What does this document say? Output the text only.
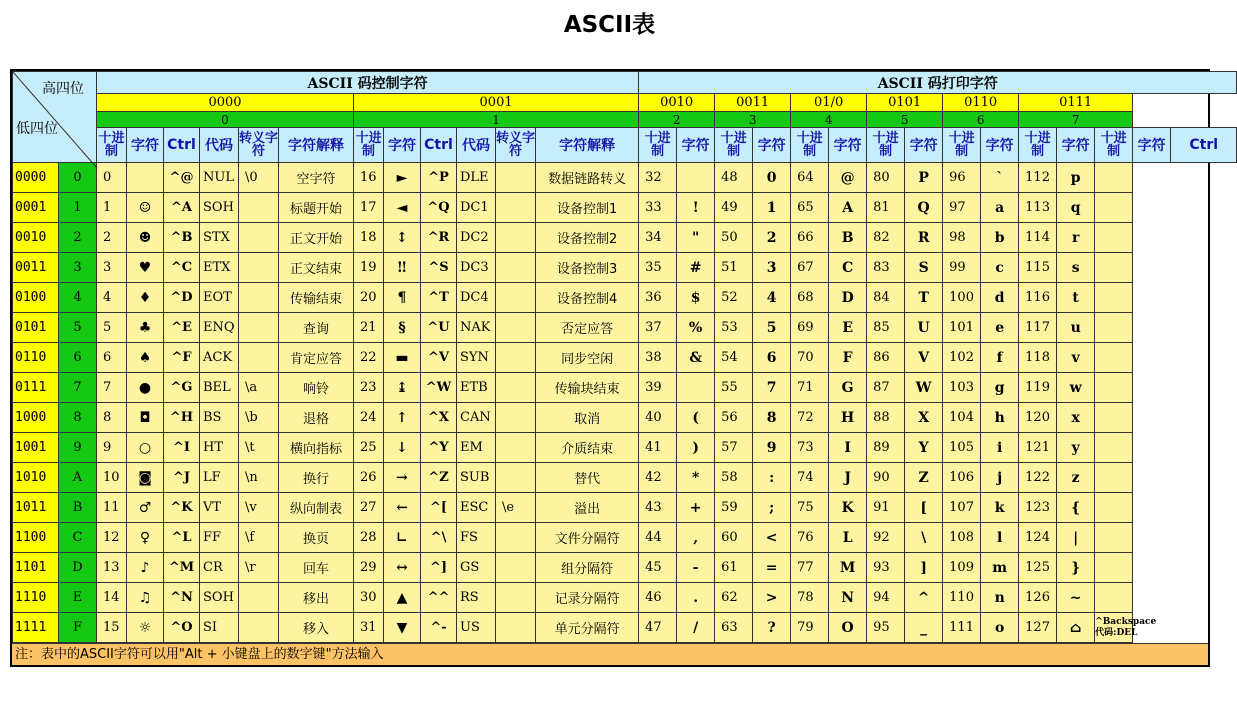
ASCII表
高四位
低四位		ASCII 码控制字符												ASCII 码打印字符														
		0000						0001						0010		0011		01/0		0101		0110		0111				
		0						1						2		3		4		5		6		7				
		十进制	字符	Ctrl	代码	转义字符	字符解释	十进制	字符	Ctrl	代码	转义字符	字符解释	十进制	字符	十进制	字符	十进制	字符	十进制	字符	十进制	字符	十进制	字符	十进制	字符	Ctrl
0000	0	0		^@	NUL	\0	空字符	16	►	^P	DLE		数据链路转义	32		48	0	64	@	80	P	96	`	112	p			
0001	1	1	☺	^A	SOH		标题开始	17	◄	^Q	DC1		设备控制1	33	!	49	1	65	A	81	Q	97	a	113	q			
0010	2	2	☻	^B	STX		正文开始	18	↕	^R	DC2		设备控制2	34	"	50	2	66	B	82	R	98	b	114	r			
0011	3	3	♥	^C	ETX		正文结束	19	‼	^S	DC3		设备控制3	35	#	51	3	67	C	83	S	99	c	115	s			
0100	4	4	♦	^D	EOT		传输结束	20	¶	^T	DC4		设备控制4	36	$	52	4	68	D	84	T	100	d	116	t			
0101	5	5	♣	^E	ENQ		查询	21	§	^U	NAK		否定应答	37	%	53	5	69	E	85	U	101	e	117	u			
0110	6	6	♠	^F	ACK		肯定应答	22	▬	^V	SYN		同步空闲	38	&	54	6	70	F	86	V	102	f	118	v			
0111	7	7	●	^G	BEL	\a	响铃	23	↨	^W	ETB		传输块结束	39		55	7	71	G	87	W	103	g	119	w			
1000	8	8	◘	^H	BS	\b	退格	24	↑	^X	CAN		取消	40	(	56	8	72	H	88	X	104	h	120	x			
1001	9	9	○	^I	HT	\t	横向指标	25	↓	^Y	EM		介质结束	41	)	57	9	73	I	89	Y	105	i	121	y			
1010	A	10	◙	^J	LF	\n	换行	26	→	^Z	SUB		替代	42	*	58	:	74	J	90	Z	106	j	122	z			
1011	B	11	♂	^K	VT	\v	纵向制表	27	←	^[	ESC	\e	溢出	43	+	59	;	75	K	91	[	107	k	123	{			
1100	C	12	♀	^L	FF	\f	换页	28	∟	^\	FS		文件分隔符	44	,	60	<	76	L	92	\	108	l	124	|			
1101	D	13	♪	^M	CR	\r	回车	29	↔	^]	GS		组分隔符	45	-	61	=	77	M	93	]	109	m	125	}			
1110	E	14	♫	^N	SOH		移出	30	▲	^^	RS		记录分隔符	46	.	62	>	78	N	94	^	110	n	126	~			
1111	F	15	☼	^O	SI		移入	31	▼	^-	US		单元分隔符	47	/	63	?	79	O	95	_	111	o	127	⌂	^Backspace
代码:DEL		
注：表中的ASCII字符可以用"Alt + 小键盘上的数字键"方法输入
